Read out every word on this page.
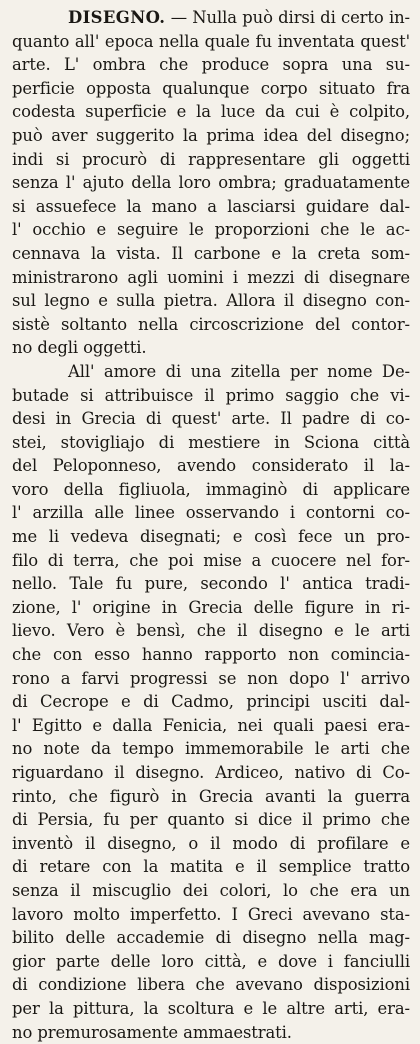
DISEGNO. — Nulla può dirsi di certo in-
quanto all' epoca nella quale fu inventata quest'
arte. L' ombra che produce sopra una su-
perficie opposta qualunque corpo situato fra
codesta superficie e la luce da cui è colpito,
può aver suggerito la prima idea del disegno;
indi si procurò di rappresentare gli oggetti
senza l' ajuto della loro ombra; graduatamente
si assuefece la mano a lasciarsi guidare dal-
l' occhio e seguire le proporzioni che le ac-
cennava la vista. Il carbone e la creta som-
ministrarono agli uomini i mezzi di disegnare
sul legno e sulla pietra. Allora il disegno con-
sistè soltanto nella circoscrizione del contor-
no degli oggetti.
All' amore di una zitella per nome De-
butade si attribuisce il primo saggio che vi-
desi in Grecia di quest' arte. Il padre di co-
stei, stovigliajo di mestiere in Sciona città
del Peloponneso, avendo considerato il la-
voro della figliuola, immaginò di applicare
l' arzilla alle linee osservando i contorni co-
me li vedeva disegnati; e così fece un pro-
filo di terra, che poi mise a cuocere nel for-
nello. Tale fu pure, secondo l' antica tradi-
zione, l' origine in Grecia delle figure in ri-
lievo. Vero è bensì, che il disegno e le arti
che con esso hanno rapporto non comincia-
rono a farvi progressi se non dopo l' arrivo
di Cecrope e di Cadmo, principi usciti dal-
l' Egitto e dalla Fenicia, nei quali paesi era-
no note da tempo immemorabile le arti che
riguardano il disegno. Ardiceo, nativo di Co-
rinto, che figurò in Grecia avanti la guerra
di Persia, fu per quanto si dice il primo che
inventò il disegno, o il modo di profilare e
di retare con la matita e il semplice tratto
senza il miscuglio dei colori, lo che era un
lavoro molto imperfetto. I Greci avevano sta-
bilito delle accademie di disegno nella mag-
gior parte delle loro città, e dove i fanciulli
di condizione libera che avevano disposizioni
per la pittura, la scoltura e le altre arti, era-
no premurosamente ammaestrati.
